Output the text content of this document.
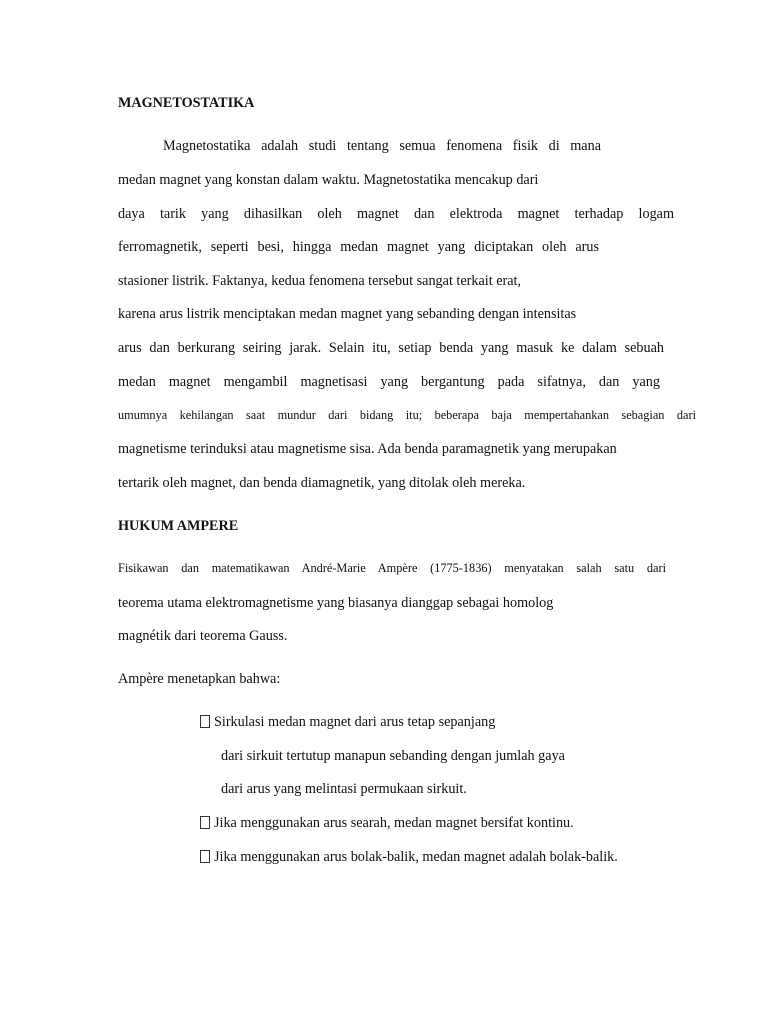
MAGNETOSTATIKA
Magnetostatika adalah studi tentang semua fenomena fisik di mana
medan magnet yang konstan dalam waktu. Magnetostatika mencakup dari
daya tarik yang dihasilkan oleh magnet dan elektroda magnet terhadap logam
ferromagnetik, seperti besi, hingga medan magnet yang diciptakan oleh arus
stasioner listrik. Faktanya, kedua fenomena tersebut sangat terkait erat,
karena arus listrik menciptakan medan magnet yang sebanding dengan intensitas
arus dan berkurang seiring jarak. Selain itu, setiap benda yang masuk ke dalam sebuah
medan magnet mengambil magnetisasi yang bergantung pada sifatnya, dan yang
umumnya kehilangan saat mundur dari bidang itu; beberapa baja mempertahankan sebagian dari
magnetisme terinduksi atau magnetisme sisa. Ada benda paramagnetik yang merupakan
tertarik oleh magnet, dan benda diamagnetik, yang ditolak oleh mereka.
HUKUM AMPERE
Fisikawan dan matematikawan André-Marie Ampère (1775-1836) menyatakan salah satu dari
teorema utama elektromagnetisme yang biasanya dianggap sebagai homolog
magnétik dari teorema Gauss.
Ampère menetapkan bahwa:
Sirkulasi medan magnet dari arus tetap sepanjang
dari sirkuit tertutup manapun sebanding dengan jumlah gaya
dari arus yang melintasi permukaan sirkuit.
Jika menggunakan arus searah, medan magnet bersifat kontinu.
Jika menggunakan arus bolak-balik, medan magnet adalah bolak-balik.
